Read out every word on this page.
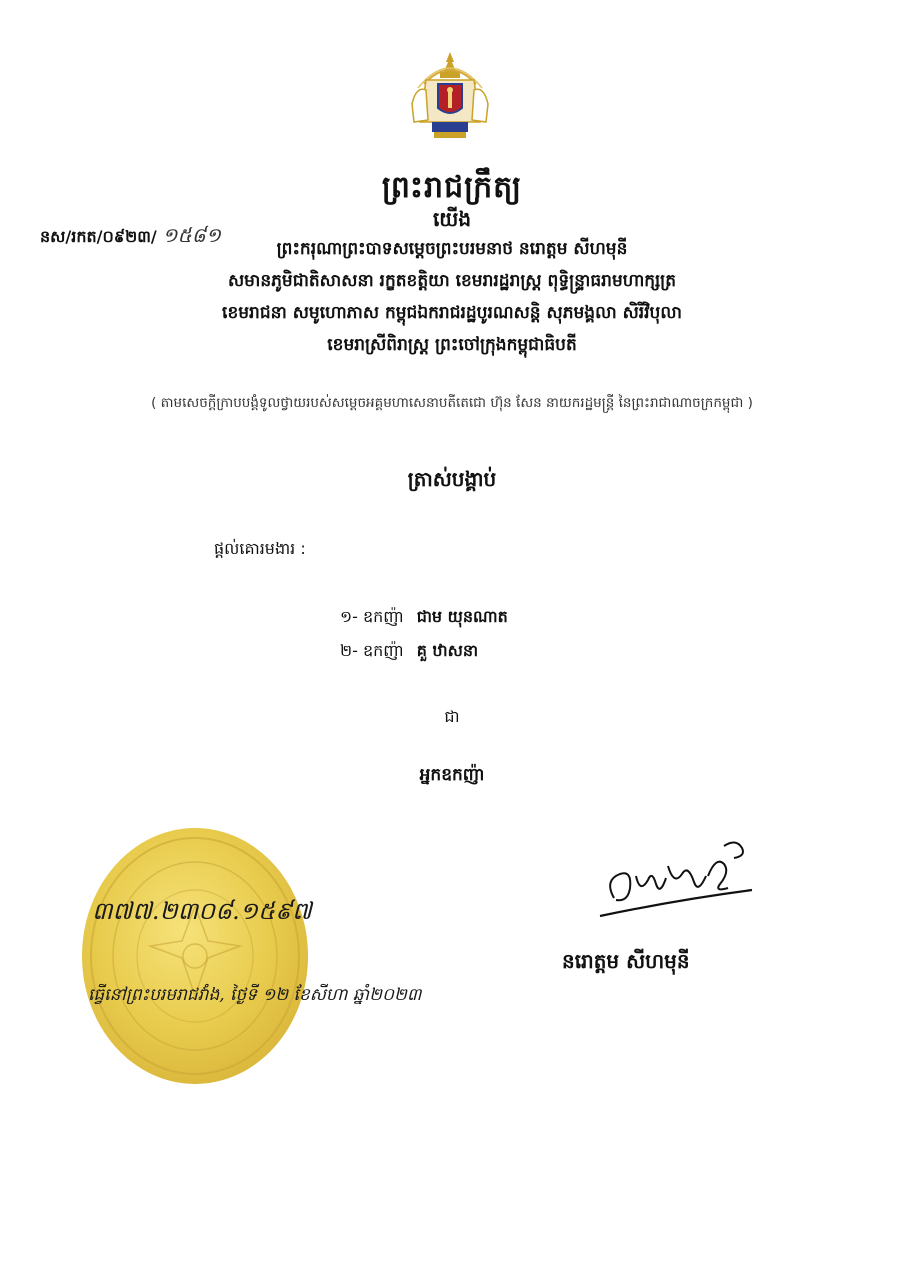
ព្រះរាជក្រឹត្យ
យើង
នស/រកត/០៩២៣/ ១៥៨១
ព្រះករុណាព្រះបាទសម្តេចព្រះបរមនាថ នរោត្តម សីហមុនី
សមានភូមិជាតិសាសនា រក្ខតខត្តិយា ខេមរារដ្ឋរាស្ត្រ ពុទ្ធិន្ទ្រាធរាមហាក្សត្រ
ខេមរាជនា សមូហោភាស កម្ពុជឯករាជរដ្ឋបូរណសន្តិ សុភមង្គលា សិរីវិបុលា
ខេមរាស្រីពិរាស្ត្រ ព្រះចៅក្រុងកម្ពុជាធិបតី
( តាមសេចក្តីក្រាបបង្គំទូលថ្វាយរបស់សម្តេចអគ្គមហាសេនាបតីតេជោ ហ៊ុន សែន នាយករដ្ឋមន្ត្រី នៃព្រះរាជាណាចក្រកម្ពុជា )
ត្រាស់បង្គាប់
ផ្តល់គោរមងារ :
១- ឧកញ៉ា ជាម យុនណាត
២- ឧកញ៉ា គួ ឋាសនា
ជា
អ្នកឧកញ៉ា
៣៧៧.២៣០៨.១៥៩៧
ធ្វើនៅព្រះបរមរាជវាំង, ថ្ងៃទី ១២ ខែសីហា ឆ្នាំ២០២៣
នរោត្តម សីហមុនី
